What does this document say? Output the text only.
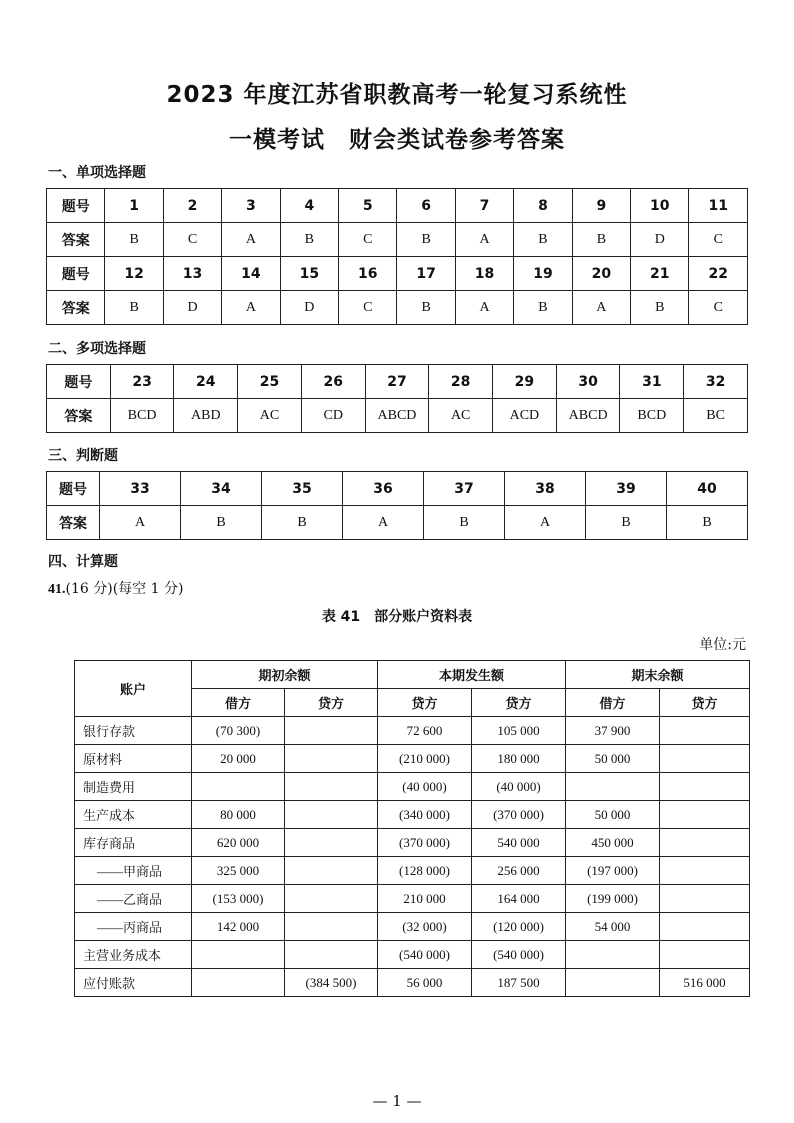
2023 年度江苏省职教高考一轮复习系统性
一模考试　财会类试卷参考答案
一、单项选择题
题号	1	2	3	4	5	6	7	8	9	10	11
答案	B	C	A	B	C	B	A	B	B	D	C
题号	12	13	14	15	16	17	18	19	20	21	22
答案	B	D	A	D	C	B	A	B	A	B	C
二、多项选择题
题号	23	24	25	26	27	28	29	30	31	32
答案	BCD	ABD	AC	CD	ABCD	AC	ACD	ABCD	BCD	BC
三、判断题
题号	33	34	35	36	37	38	39	40
答案	A	B	B	A	B	A	B	B
四、计算题
41.(16 分)(每空 1 分)
表 41　部分账户资料表
单位:元
账户	期初余额		本期发生额		期末余额	
	借方	贷方	贷方	贷方	借方	贷方
银行存款	(70 300)		72 600	105 000	37 900	
原材料	20 000		(210 000)	180 000	50 000	
制造费用			(40 000)	(40 000)		
生产成本	80 000		(340 000)	(370 000)	50 000	
库存商品	620 000		(370 000)	540 000	450 000	
——甲商品	325 000		(128 000)	256 000	(197 000)	
——乙商品	(153 000)		210 000	164 000	(199 000)	
——丙商品	142 000		(32 000)	(120 000)	54 000	
主营业务成本			(540 000)	(540 000)		
应付账款		(384 500)	56 000	187 500		516 000
— 1 —
